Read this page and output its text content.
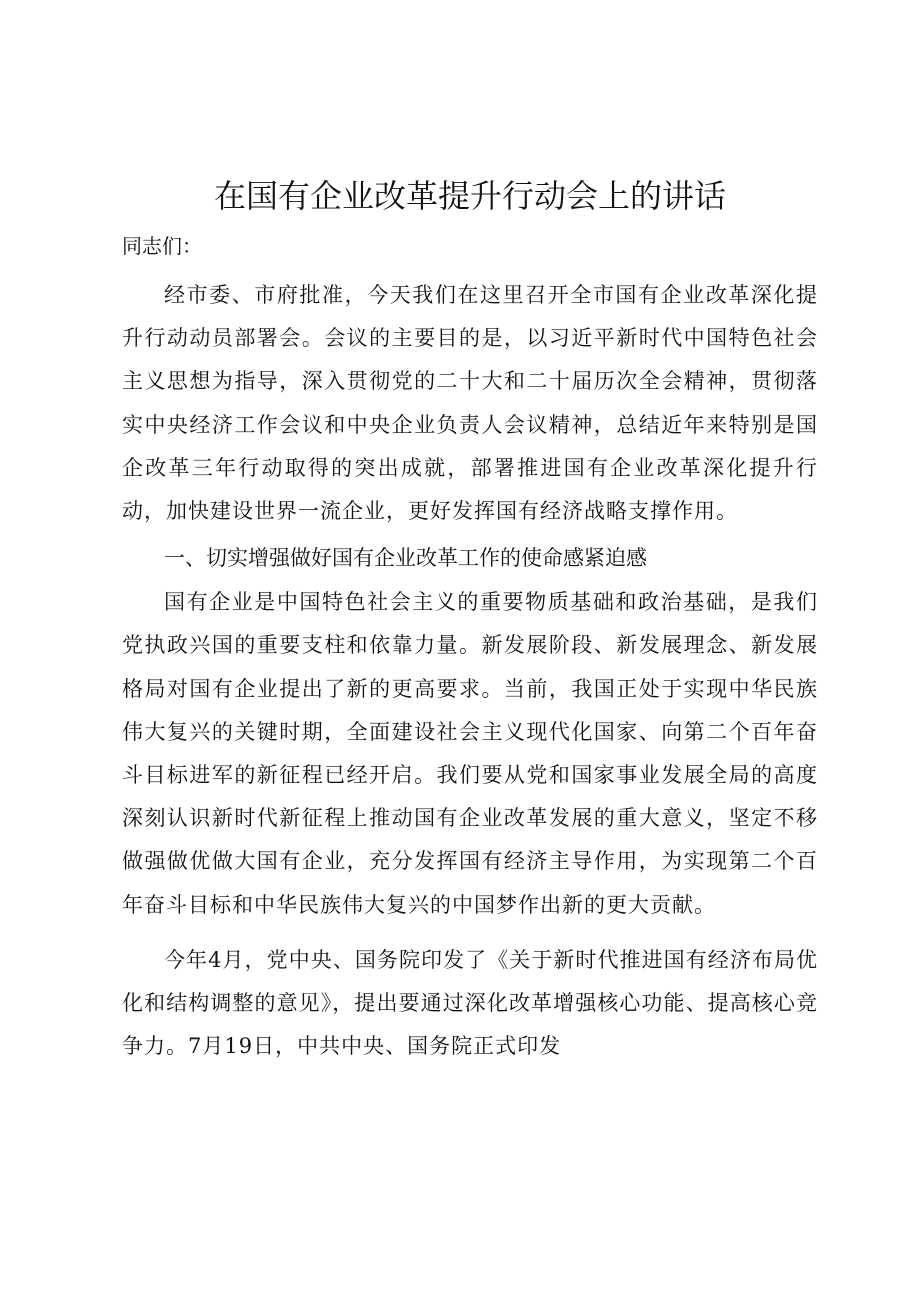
在国有企业改革提升行动会上的讲话

同志们：

经市委、市府批准，今天我们在这里召开全市国有企业改革深化提升行动动员部署会。会议的主要目的是，以习近平新时代中国特色社会主义思想为指导，深入贯彻党的二十大和二十届历次全会精神，贯彻落实中央经济工作会议和中央企业负责人会议精神，总结近年来特别是国企改革三年行动取得的突出成就，部署推进国有企业改革深化提升行动，加快建设世界一流企业，更好发挥国有经济战略支撑作用。

一、切实增强做好国有企业改革工作的使命感紧迫感

国有企业是中国特色社会主义的重要物质基础和政治基础，是我们党执政兴国的重要支柱和依靠力量。新发展阶段、新发展理念、新发展格局对国有企业提出了新的更高要求。当前，我国正处于实现中华民族伟大复兴的关键时期，全面建设社会主义现代化国家、向第二个百年奋斗目标进军的新征程已经开启。我们要从党和国家事业发展全局的高度深刻认识新时代新征程上推动国有企业改革发展的重大意义，坚定不移做强做优做大国有企业，充分发挥国有经济主导作用，为实现第二个百年奋斗目标和中华民族伟大复兴的中国梦作出新的更大贡献。

今年4月，党中央、国务院印发了《关于新时代推进国有经济布局优化和结构调整的意见》，提出要通过深化改革增强核心功能、提高核心竞争力。7月19日，中共中央、国务院正式印发
